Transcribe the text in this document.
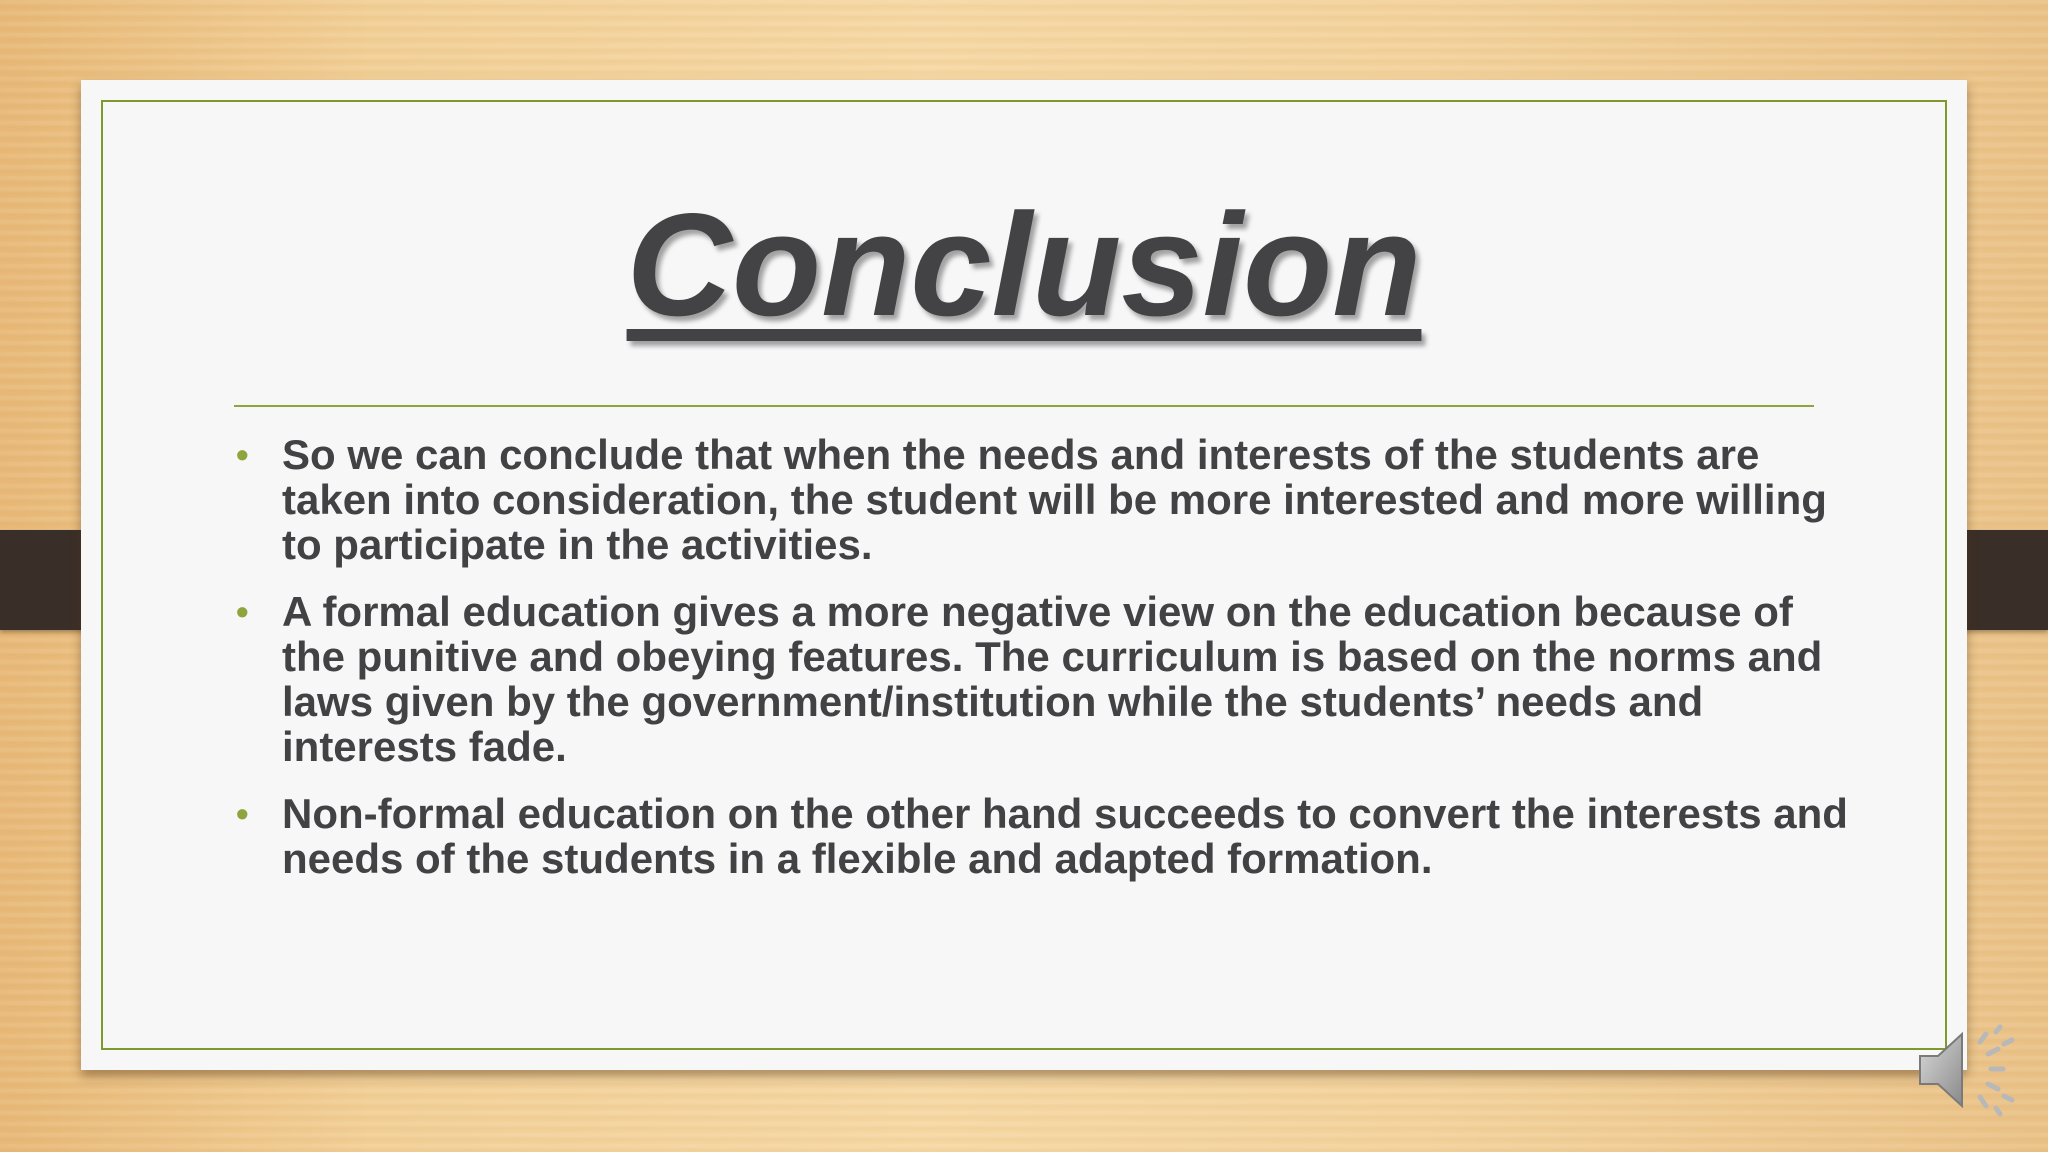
Conclusion
• So we can conclude that when the needs and interests of the students are taken into consideration, the student will be more interested and more willing to participate in the activities.
• A formal education gives a more negative view on the education because of the punitive and obeying features. The curriculum is based on the norms and laws given by the government/institution while the students’ needs and interests fade.
• Non-formal education on the other hand succeeds to convert the interests and needs of the students in a flexible and adapted formation.
